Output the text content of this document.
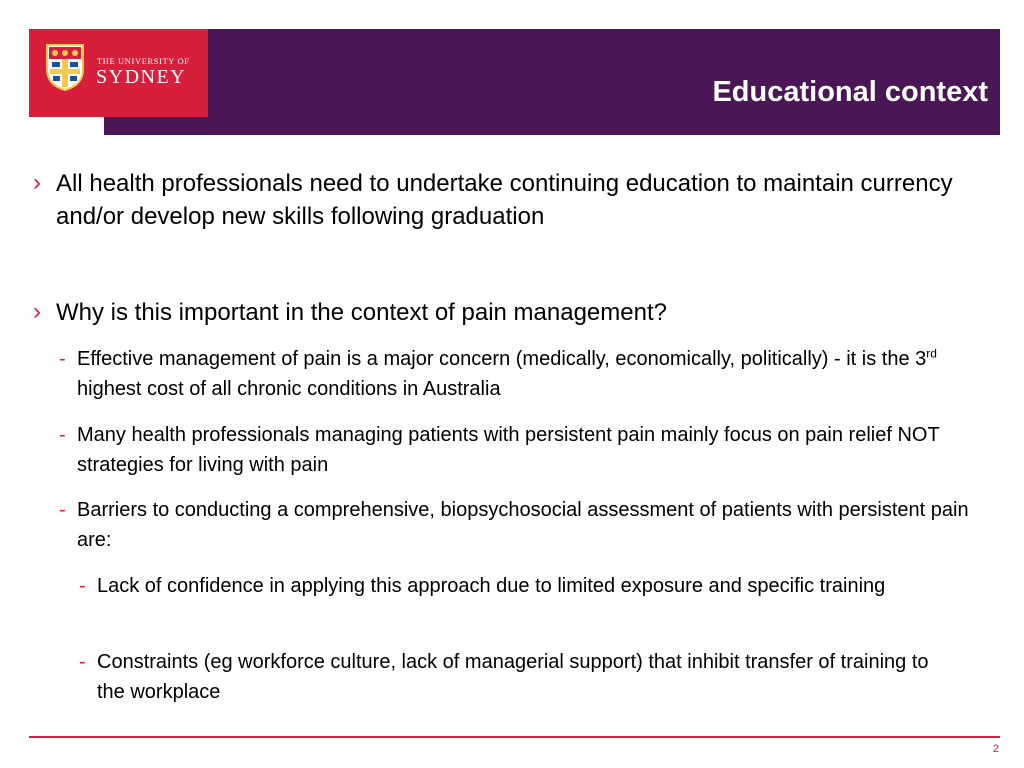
THE UNIVERSITY OF
SYDNEY	Educational context
› All health professionals need to undertake continuing education to maintain currency and/or develop new skills following graduation
› Why is this important in the context of pain management?
- Effective management of pain is a major concern (medically, economically, politically) - it is the 3rd highest cost of all chronic conditions in Australia
- Many health professionals managing patients with persistent pain mainly focus on pain relief NOT strategies for living with pain
- Barriers to conducting a comprehensive, biopsychosocial assessment of patients with persistent pain are:
- Lack of confidence in applying this approach due to limited exposure and specific training
- Constraints (eg workforce culture, lack of managerial support) that inhibit transfer of training to the workplace
2
